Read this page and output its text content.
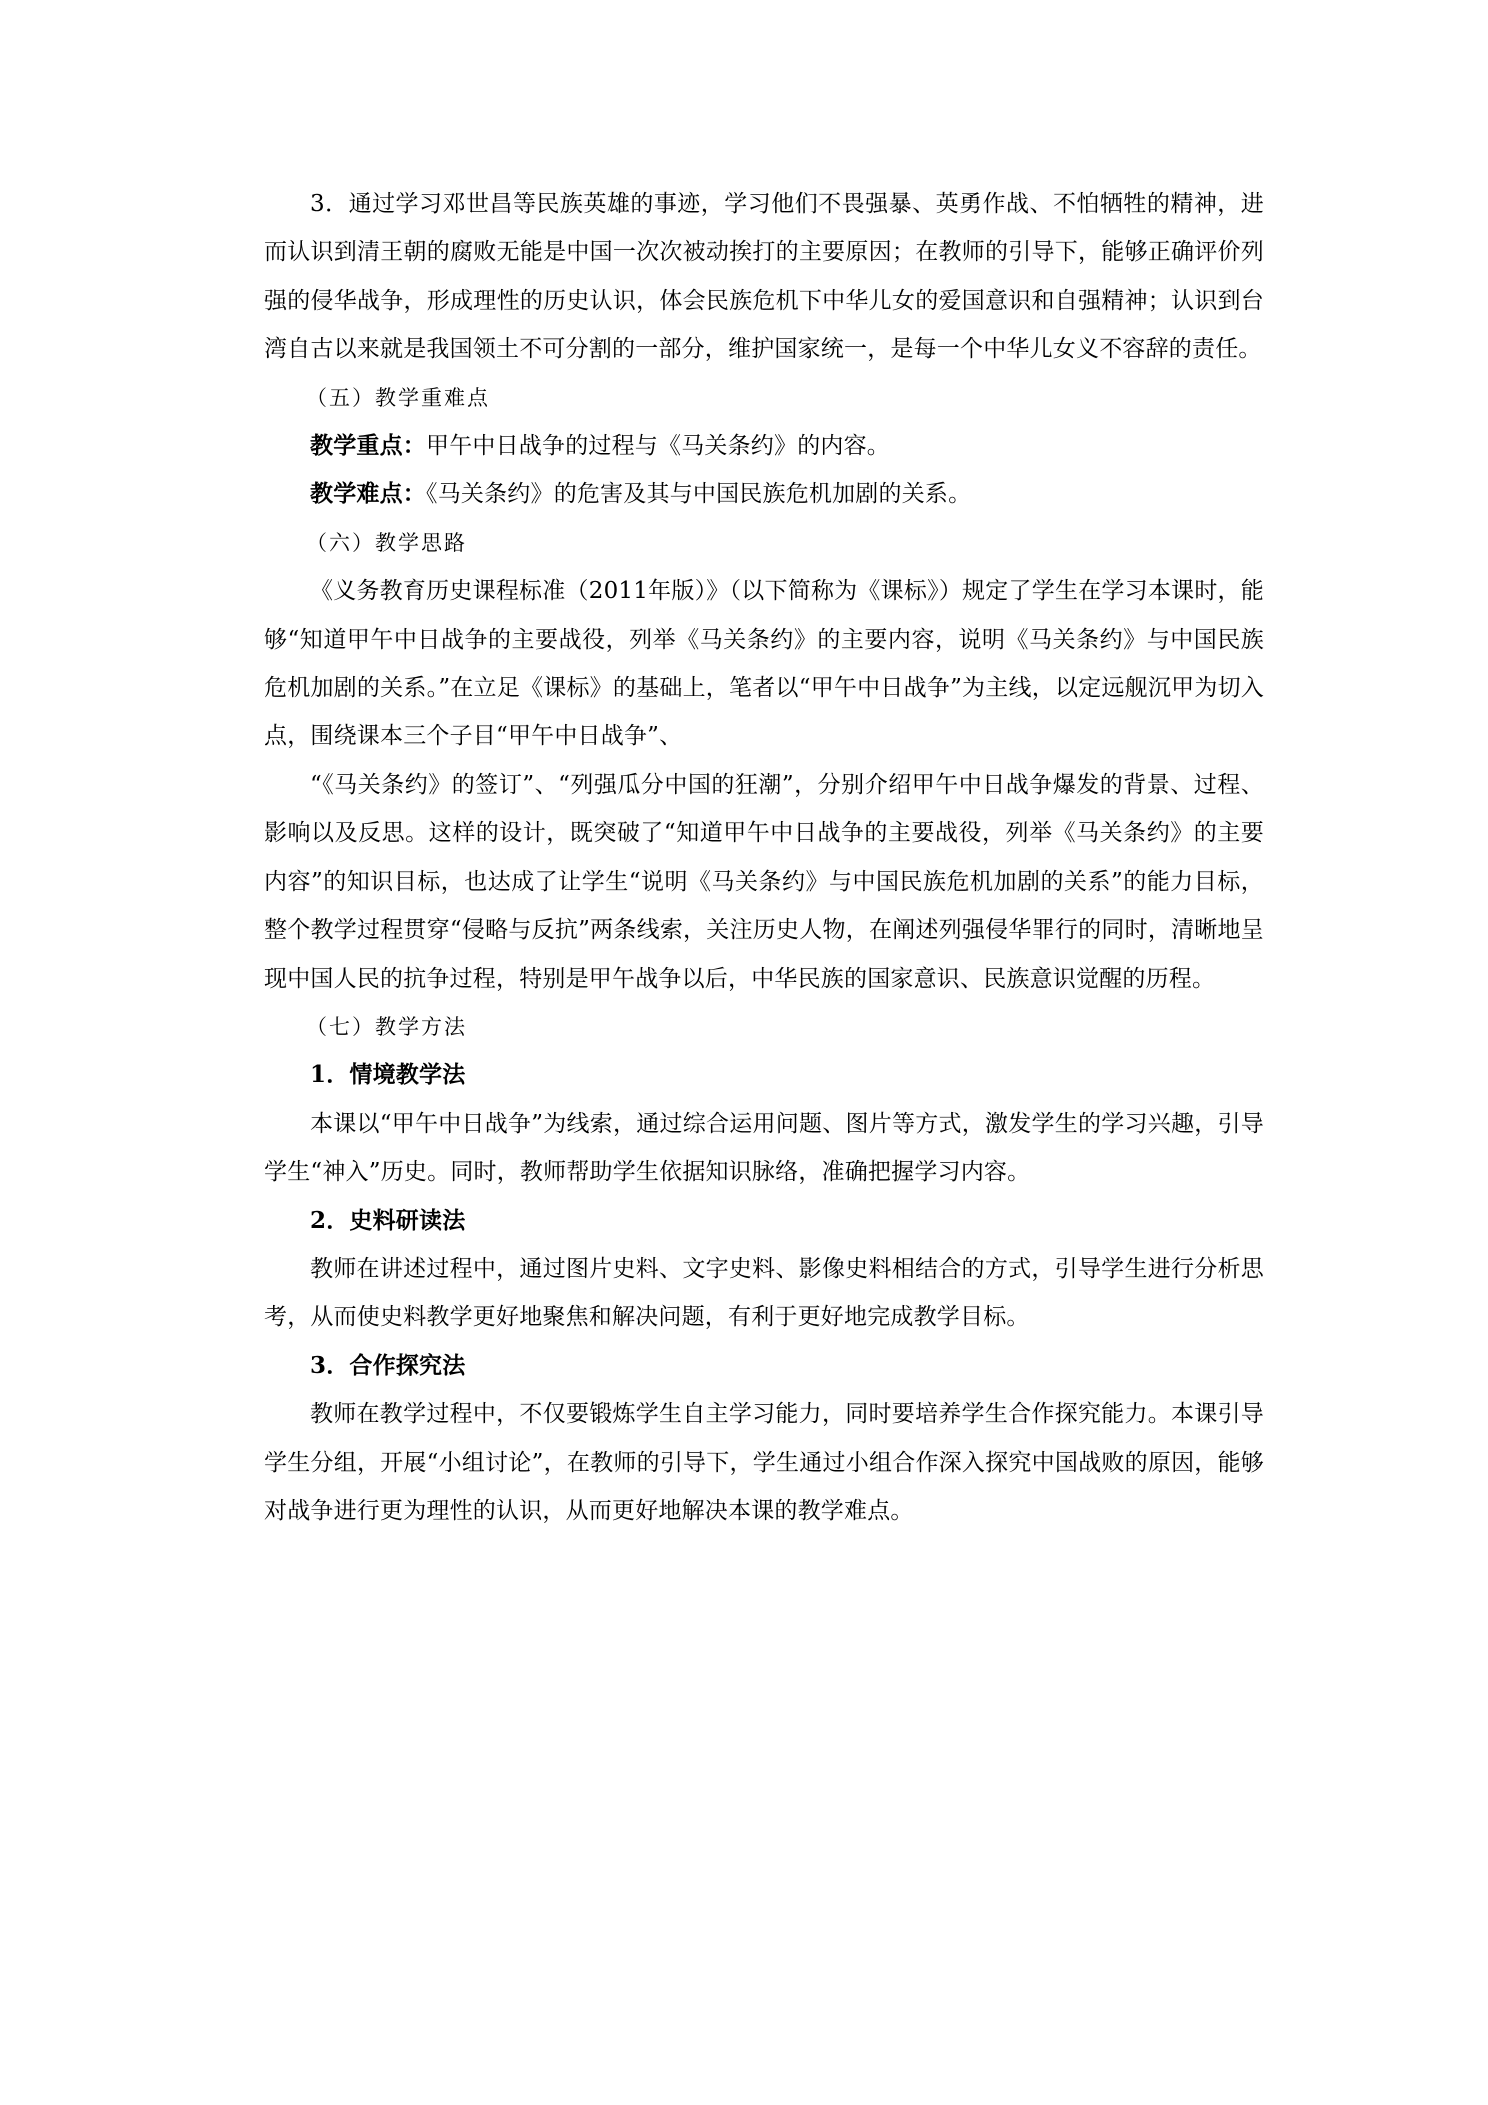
3．通过学习邓世昌等民族英雄的事迹，学习他们不畏强暴、英勇作战、不怕牺牲的精神，进而认识到清王朝的腐败无能是中国一次次被动挨打的主要原因；在教师的引导下，能够正确评价列强的侵华战争，形成理性的历史认识，体会民族危机下中华儿女的爱国意识和自强精神；认识到台湾自古以来就是我国领土不可分割的一部分，维护国家统一，是每一个中华儿女义不容辞的责任。

（五）教学重难点

教学重点：甲午中日战争的过程与《马关条约》的内容。

教学难点：《马关条约》的危害及其与中国民族危机加剧的关系。

（六）教学思路

《义务教育历史课程标准（2011年版）》（以下简称为《课标》）规定了学生在学习本课时，能够“知道甲午中日战争的主要战役，列举《马关条约》的主要内容，说明《马关条约》与中国民族危机加剧的关系。”在立足《课标》的基础上，笔者以“甲午中日战争”为主线，以定远舰沉甲为切入点，围绕课本三个子目“甲午中日战争”、

“《马关条约》的签订”、“列强瓜分中国的狂潮”，分别介绍甲午中日战争爆发的背景、过程、影响以及反思。这样的设计，既突破了“知道甲午中日战争的主要战役，列举《马关条约》的主要内容”的知识目标，也达成了让学生“说明《马关条约》与中国民族危机加剧的关系”的能力目标，整个教学过程贯穿“侵略与反抗”两条线索，关注历史人物，在阐述列强侵华罪行的同时，清晰地呈现中国人民的抗争过程，特别是甲午战争以后，中华民族的国家意识、民族意识觉醒的历程。

（七）教学方法

1．情境教学法

本课以“甲午中日战争”为线索，通过综合运用问题、图片等方式，激发学生的学习兴趣，引导学生“神入”历史。同时，教师帮助学生依据知识脉络，准确把握学习内容。

2．史料研读法

教师在讲述过程中，通过图片史料、文字史料、影像史料相结合的方式，引导学生进行分析思考，从而使史料教学更好地聚焦和解决问题，有利于更好地完成教学目标。

3．合作探究法

教师在教学过程中，不仅要锻炼学生自主学习能力，同时要培养学生合作探究能力。本课引导学生分组，开展“小组讨论”，在教师的引导下，学生通过小组合作深入探究中国战败的原因，能够对战争进行更为理性的认识，从而更好地解决本课的教学难点。
